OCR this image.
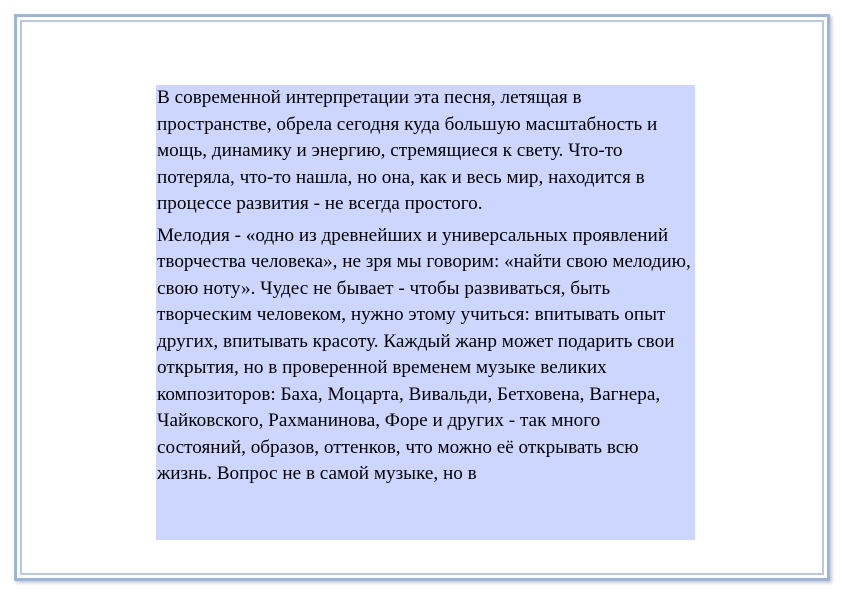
В современной интерпретации эта песня, летящая в пространстве, обрела сегодня куда большую масштабность и мощь, динамику и энергию, стремящиеся к свету. Что-то потеряла, что-то нашла, но она, как и весь мир, находится в процессе развития - не всегда простого.

Мелодия - «одно из древнейших и универсальных проявлений творчества человека», не зря мы говорим: «найти свою мелодию, свою ноту». Чудес не бывает - чтобы развиваться, быть творческим человеком, нужно этому учиться: впитывать опыт других, впитывать красоту. Каждый жанр может подарить свои открытия, но в проверенной временем музыке великих композиторов: Баха, Моцарта, Вивальди, Бетховена, Вагнера, Чайковского, Рахманинова, Форе и других - так много состояний, образов, оттенков, что можно её открывать всю жизнь. Вопрос не в самой музыке, но в
